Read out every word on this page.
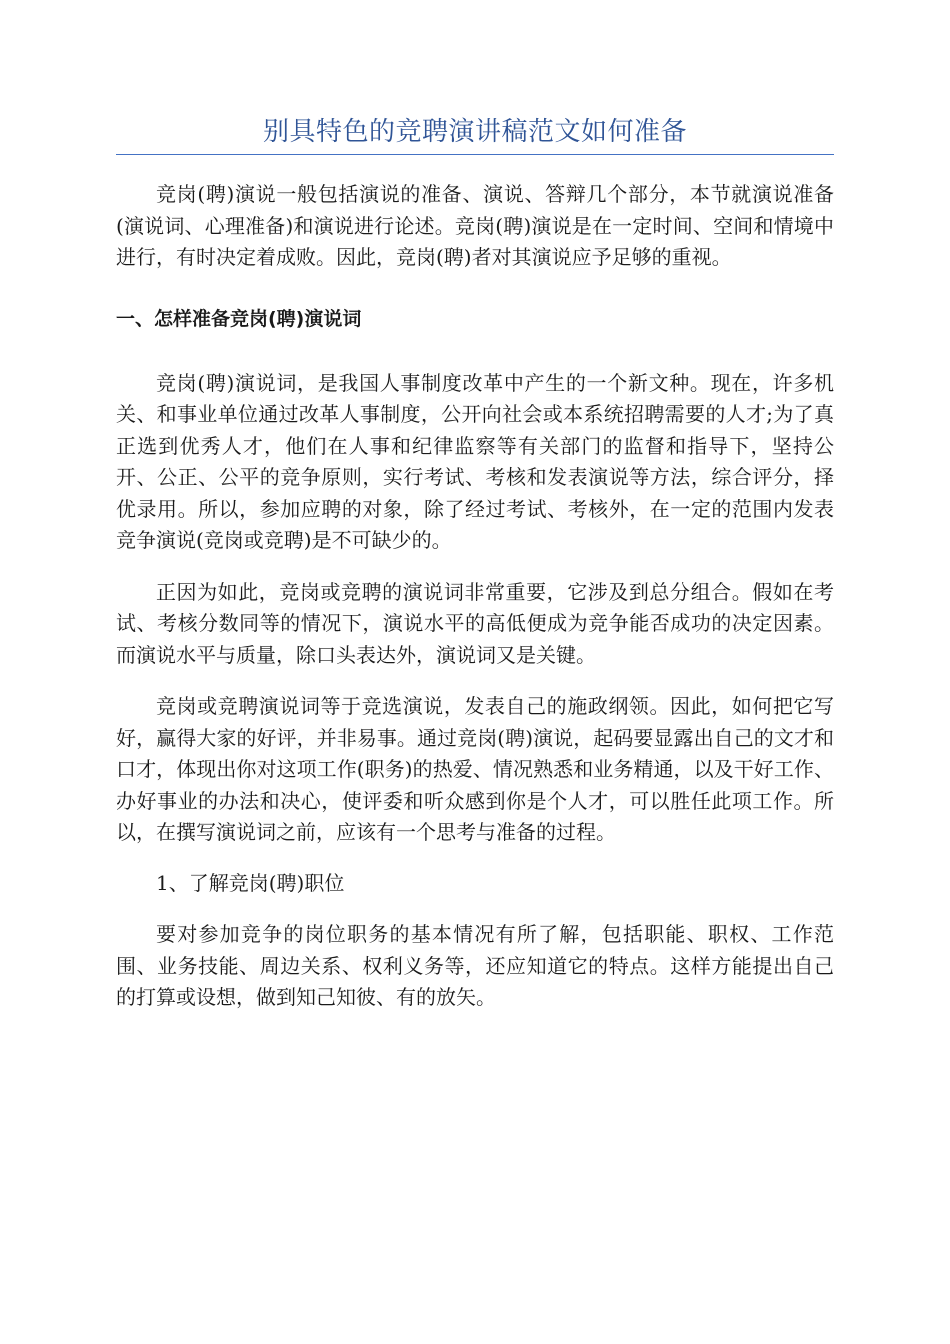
别具特色的竞聘演讲稿范文如何准备

竞岗(聘)演说一般包括演说的准备、演说、答辩几个部分，本节就演说准备(演说词、心理准备)和演说进行论述。竞岗(聘)演说是在一定时间、空间和情境中进行，有时决定着成败。因此，竞岗(聘)者对其演说应予足够的重视。

一、怎样准备竞岗(聘)演说词

竞岗(聘)演说词，是我国人事制度改革中产生的一个新文种。现在，许多机关、和事业单位通过改革人事制度，公开向社会或本系统招聘需要的人才;为了真正选到优秀人才，他们在人事和纪律监察等有关部门的监督和指导下，坚持公开、公正、公平的竞争原则，实行考试、考核和发表演说等方法，综合评分，择优录用。所以，参加应聘的对象，除了经过考试、考核外，在一定的范围内发表竞争演说(竞岗或竞聘)是不可缺少的。

正因为如此，竞岗或竞聘的演说词非常重要，它涉及到总分组合。假如在考试、考核分数同等的情况下，演说水平的高低便成为竞争能否成功的决定因素。而演说水平与质量，除口头表达外，演说词又是关键。

竞岗或竞聘演说词等于竞选演说，发表自己的施政纲领。因此，如何把它写好，赢得大家的好评，并非易事。通过竞岗(聘)演说，起码要显露出自己的文才和口才，体现出你对这项工作(职务)的热爱、情况熟悉和业务精通，以及干好工作、办好事业的办法和决心，使评委和听众感到你是个人才，可以胜任此项工作。所以，在撰写演说词之前，应该有一个思考与准备的过程。

1、了解竞岗(聘)职位

要对参加竞争的岗位职务的基本情况有所了解，包括职能、职权、工作范围、业务技能、周边关系、权利义务等，还应知道它的特点。这样方能提出自己的打算或设想，做到知己知彼、有的放矢。
